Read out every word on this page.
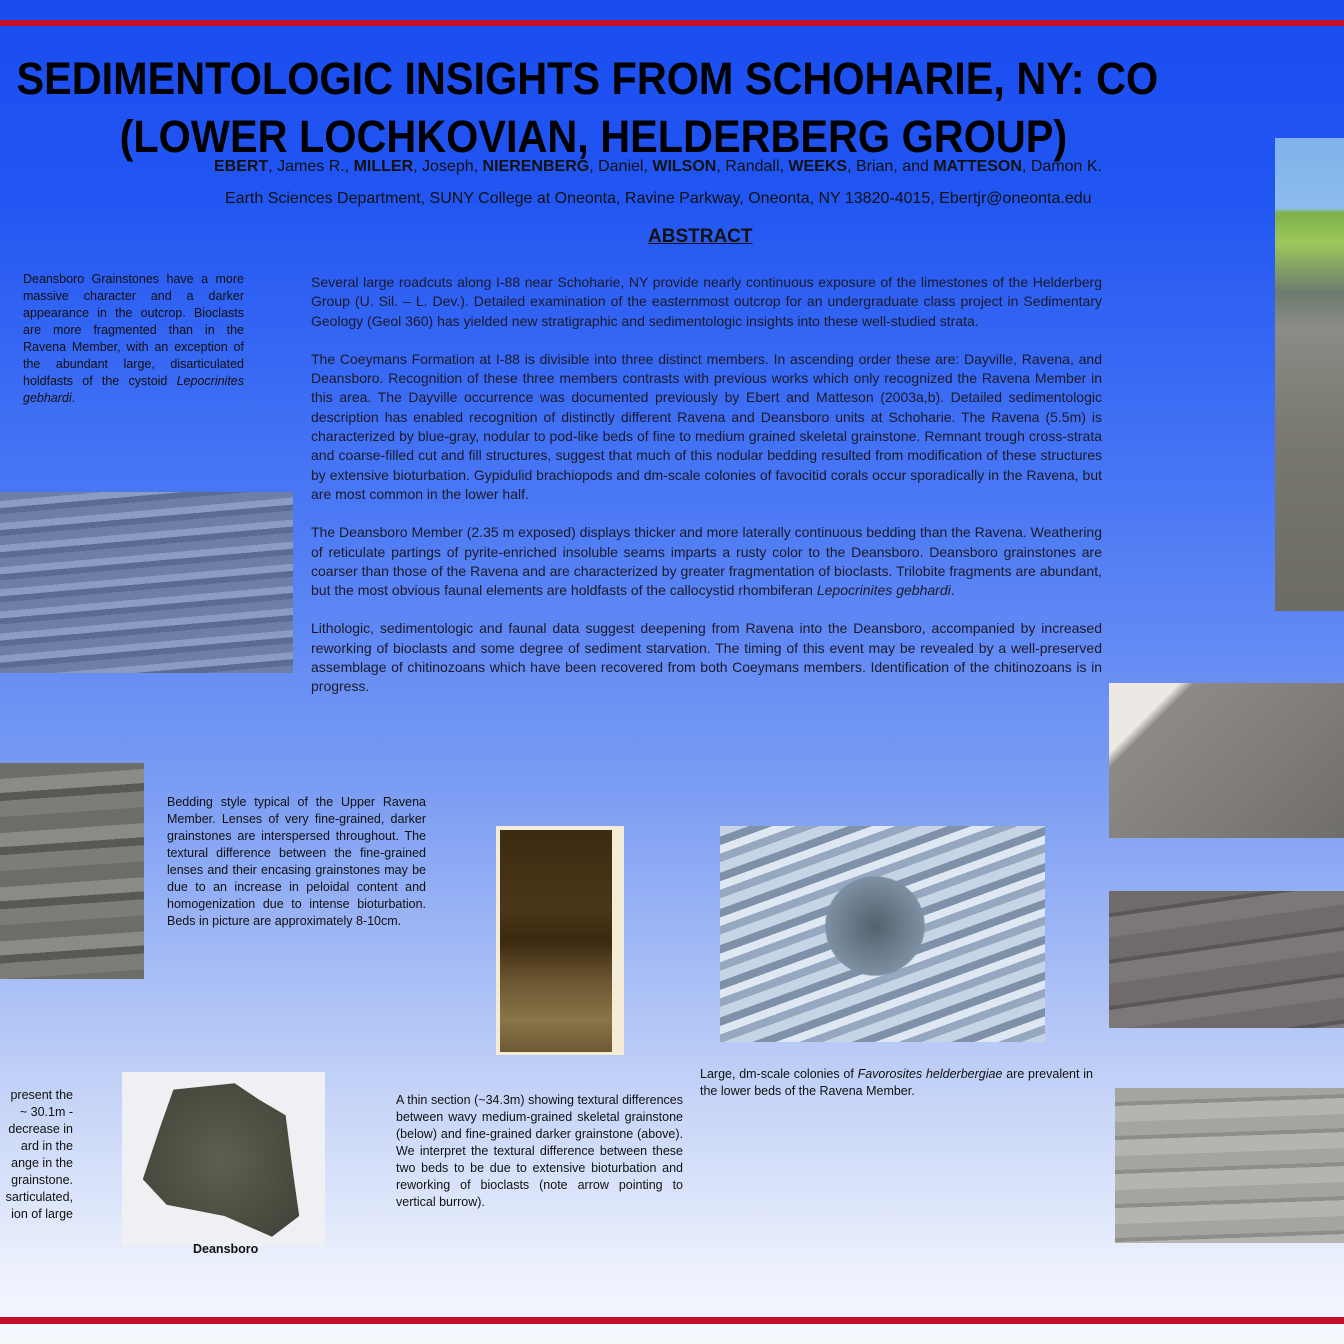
SEDIMENTOLOGIC INSIGHTS FROM SCHOHARIE, NY: CO
(LOWER LOCHKOVIAN, HELDERBERG GROUP)
EBERT, James R., MILLER, Joseph, NIERENBERG, Daniel, WILSON, Randall, WEEKS, Brian, and MATTESON, Damon K.
Earth Sciences Department, SUNY College at Oneonta, Ravine Parkway, Oneonta, NY 13820-4015, Ebertjr@oneonta.edu
ABSTRACT

Several large roadcuts along I-88 near Schoharie, NY provide nearly continuous exposure of the limestones of the Helderberg Group (U. Sil. – L. Dev.). Detailed examination of the easternmost outcrop for an undergraduate class project in Sedimentary Geology (Geol 360) has yielded new stratigraphic and sedimentologic insights into these well-studied strata.

The Coeymans Formation at I-88 is divisible into three distinct members. In ascending order these are: Dayville, Ravena, and Deansboro. Recognition of these three members contrasts with previous works which only recognized the Ravena Member in this area. The Dayville occurrence was documented previously by Ebert and Matteson (2003a,b). Detailed sedimentologic description has enabled recognition of distinctly different Ravena and Deansboro units at Schoharie. The Ravena (5.5m) is characterized by blue-gray, nodular to pod-like beds of fine to medium grained skeletal grainstone. Remnant trough cross-strata and coarse-filled cut and fill structures, suggest that much of this nodular bedding resulted from modification of these structures by extensive bioturbation. Gypidulid brachiopods and dm-scale colonies of favocitid corals occur sporadically in the Ravena, but are most common in the lower half.

The Deansboro Member (2.35 m exposed) displays thicker and more laterally continuous bedding than the Ravena. Weathering of reticulate partings of pyrite-enriched insoluble seams imparts a rusty color to the Deansboro. Deansboro grainstones are coarser than those of the Ravena and are characterized by greater fragmentation of bioclasts. Trilobite fragments are abundant, but the most obvious faunal elements are holdfasts of the callocystid rhombiferan Lepocrinites gebhardi.

Lithologic, sedimentologic and faunal data suggest deepening from Ravena into the Deansboro, accompanied by increased reworking of bioclasts and some degree of sediment starvation. The timing of this event may be revealed by a well-preserved assemblage of chitinozoans which have been recovered from both Coeymans members. Identification of the chitinozoans is in progress.

Deansboro Grainstones have a more massive character and a darker appearance in the outcrop. Bioclasts are more fragmented than in the Ravena Member, with an exception of the abundant large, disarticulated holdfasts of the cystoid Lepocrinites gebhardi.
Bedding style typical of the Upper Ravena Member. Lenses of very fine-grained, darker grainstones are interspersed throughout. The textural difference between the fine-grained lenses and their encasing grainstones may be due to an increase in peloidal content and homogenization due to intense bioturbation. Beds in picture are approximately 8-10cm.
Large, dm-scale colonies of Favorosites helderbergiae are prevalent in the lower beds of the Ravena Member.
present the
~ 30.1m -
decrease in
ard in the
ange in the
grainstone.
sarticulated,
ion of large
Deansboro
A thin section (~34.3m) showing textural differences between wavy medium-grained skeletal grainstone (below) and fine-grained darker grainstone (above). We interpret the textural difference between these two beds to be due to extensive bioturbation and reworking of bioclasts (note arrow pointing to vertical burrow).
